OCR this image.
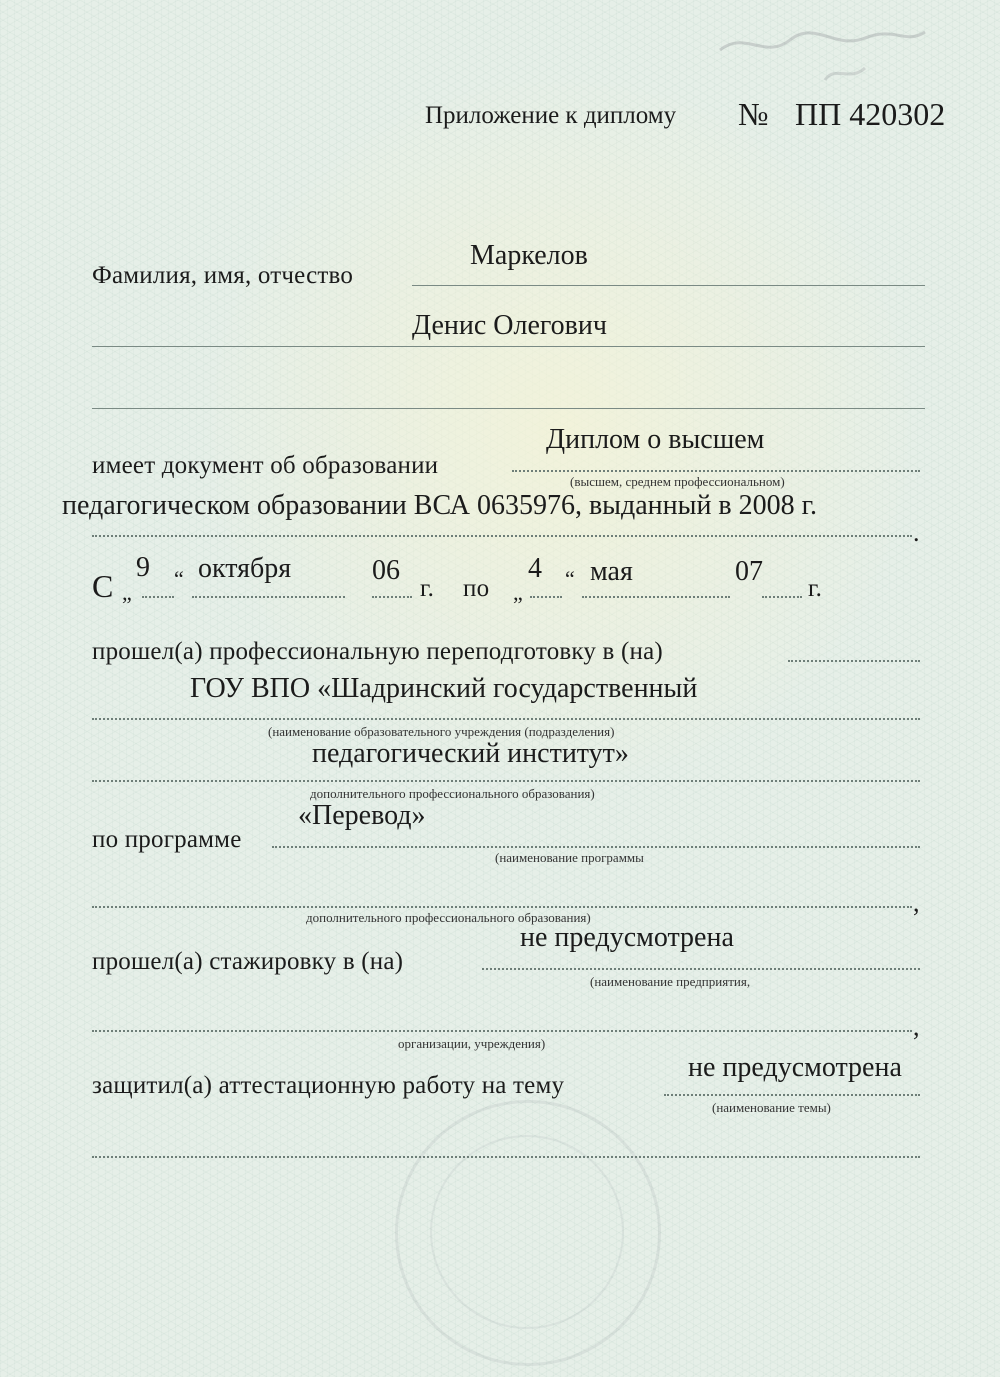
Приложение к диплому № ПП 420302
Фамилия, имя, отчество
Маркелов
Денис Олегович
имеет документ об образовании
Диплом о высшем
(высшем, среднем профессиональном)
педагогическом образовании ВСА 0635976, выданный в 2008 г.
.
С „
9 “ октября	06
г. по „
4 “ мая	07
г.
прошел(а) профессиональную переподготовку в (на)
ГОУ ВПО «Шадринский государственный
(наименование образовательного учреждения (подразделения)
педагогический институт»
дополнительного профессионального образования)
по программе
«Перевод»
(наименование программы
,
дополнительного профессионального образования)
прошел(а) стажировку в (на)
не предусмотрена
(наименование предприятия,
,
организации, учреждения)
защитил(а) аттестационную работу на тему
не предусмотрена
(наименование темы)
